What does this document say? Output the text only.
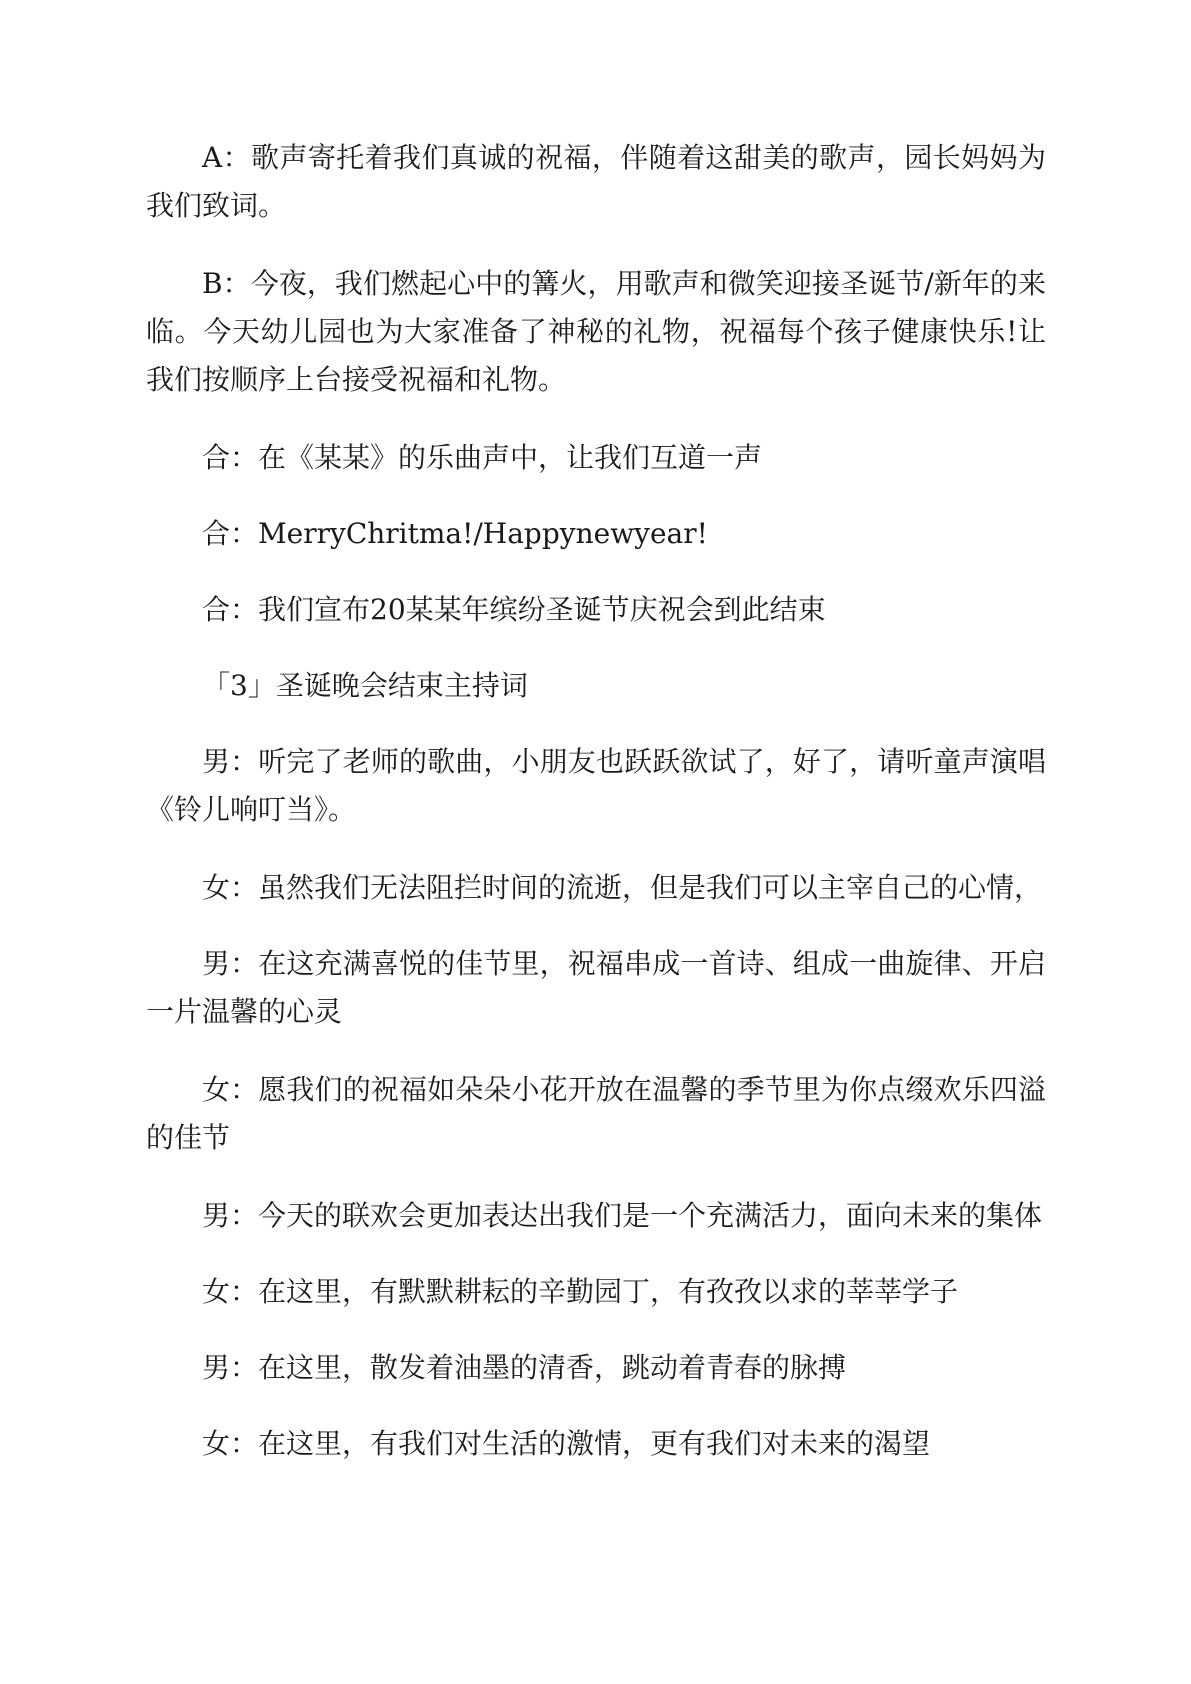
A：歌声寄托着我们真诚的祝福，伴随着这甜美的歌声，园长妈妈为我们致词。

B：今夜，我们燃起心中的篝火，用歌声和微笑迎接圣诞节/新年的来临。今天幼儿园也为大家准备了神秘的礼物，祝福每个孩子健康快乐!让我们按顺序上台接受祝福和礼物。

合：在《某某》的乐曲声中，让我们互道一声

合：MerryChritma!/Happynewyear!

合：我们宣布20某某年缤纷圣诞节庆祝会到此结束

「3」圣诞晚会结束主持词

男：听完了老师的歌曲，小朋友也跃跃欲试了，好了，请听童声演唱《铃儿响叮当》。

女：虽然我们无法阻拦时间的流逝，但是我们可以主宰自己的心情，

男：在这充满喜悦的佳节里，祝福串成一首诗、组成一曲旋律、开启一片温馨的心灵

女：愿我们的祝福如朵朵小花开放在温馨的季节里为你点缀欢乐四溢的佳节

男：今天的联欢会更加表达出我们是一个充满活力，面向未来的集体

女：在这里，有默默耕耘的辛勤园丁，有孜孜以求的莘莘学子

男：在这里，散发着油墨的清香，跳动着青春的脉搏

女：在这里，有我们对生活的激情，更有我们对未来的渴望
